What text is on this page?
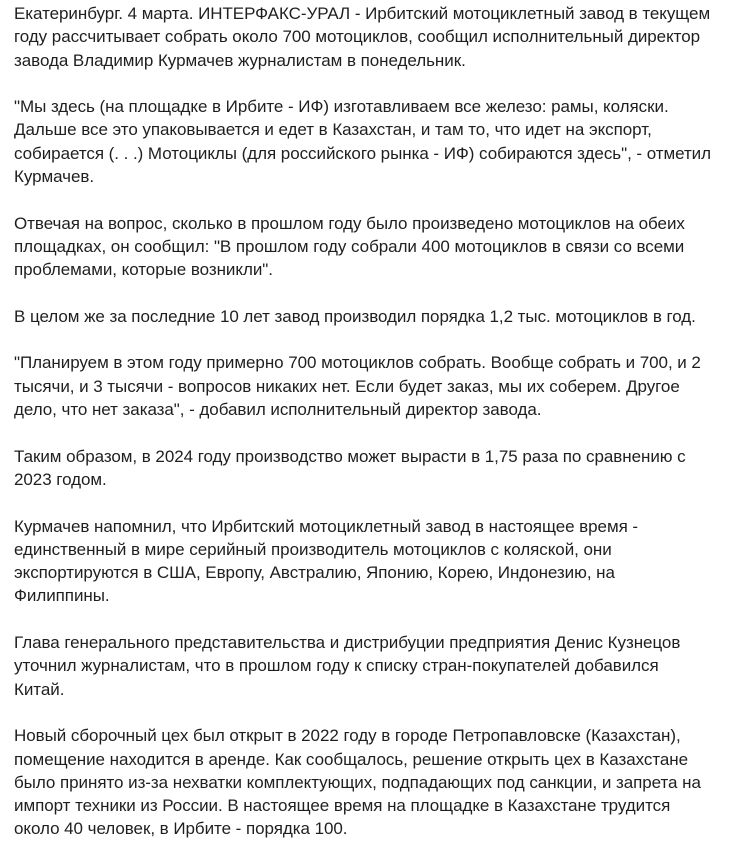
Екатеринбург. 4 марта. ИНТЕРФАКС-УРАЛ - Ирбитский мотоциклетный завод в текущем году рассчитывает собрать около 700 мотоциклов, сообщил исполнительный директор завода Владимир Курмачев журналистам в понедельник.

"Мы здесь (на площадке в Ирбите - ИФ) изготавливаем все железо: рамы, коляски. Дальше все это упаковывается и едет в Казахстан, и там то, что идет на экспорт, собирается (. . .) Мотоциклы (для российского рынка - ИФ) собираются здесь", - отметил Курмачев.

Отвечая на вопрос, сколько в прошлом году было произведено мотоциклов на обеих площадках, он сообщил: "В прошлом году собрали 400 мотоциклов в связи со всеми проблемами, которые возникли".

В целом же за последние 10 лет завод производил порядка 1,2 тыс. мотоциклов в год.

"Планируем в этом году примерно 700 мотоциклов собрать. Вообще собрать и 700, и 2 тысячи, и 3 тысячи - вопросов никаких нет. Если будет заказ, мы их соберем. Другое дело, что нет заказа", - добавил исполнительный директор завода.

Таким образом, в 2024 году производство может вырасти в 1,75 раза по сравнению с 2023 годом.

Курмачев напомнил, что Ирбитский мотоциклетный завод в настоящее время - единственный в мире серийный производитель мотоциклов с коляской, они экспортируются в США, Европу, Австралию, Японию, Корею, Индонезию, на Филиппины.

Глава генерального представительства и дистрибуции предприятия Денис Кузнецов уточнил журналистам, что в прошлом году к списку стран-покупателей добавился Китай.

Новый сборочный цех был открыт в 2022 году в городе Петропавловске (Казахстан), помещение находится в аренде. Как сообщалось, решение открыть цех в Казахстане было принято из-за нехватки комплектующих, подпадающих под санкции, и запрета на импорт техники из России. В настоящее время на площадке в Казахстане трудится около 40 человек, в Ирбите - порядка 100.
